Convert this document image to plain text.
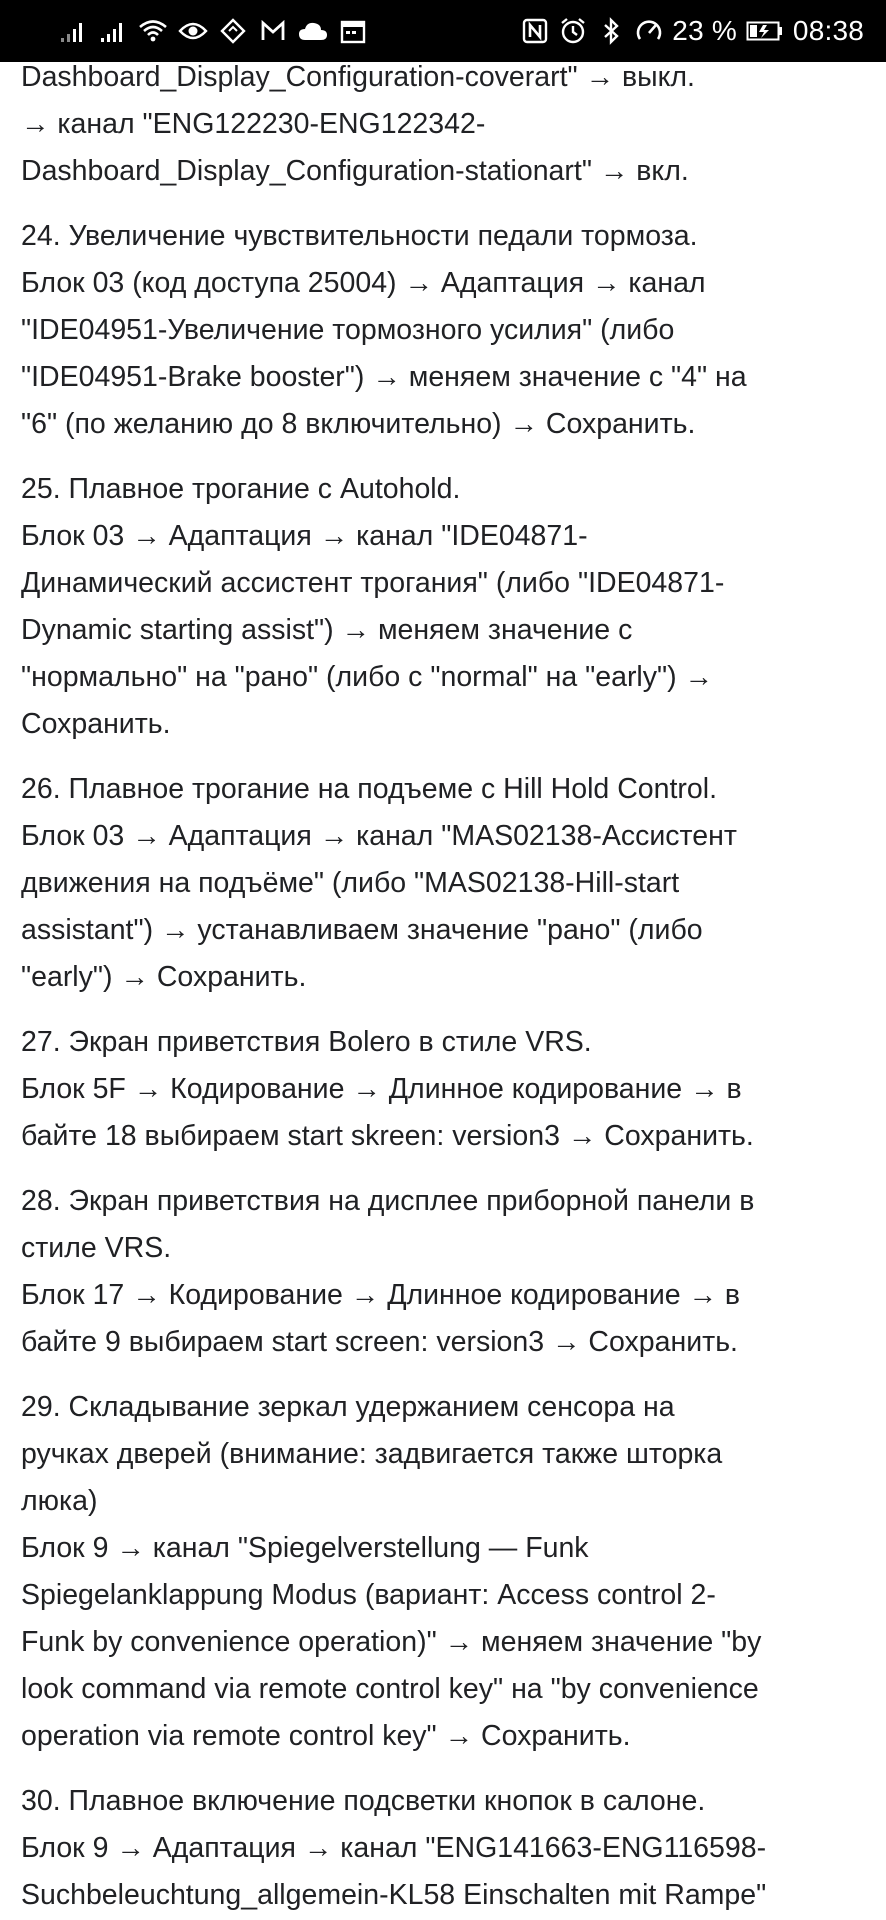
23 % 08:38
Dashboard_Display_Configuration-coverart" → выкл.
→ канал "ENG122230-ENG122342-
Dashboard_Display_Configuration-stationart" → вкл.
24. Увеличение чувствительности педали тормоза.
Блок 03 (код доступа 25004) → Адаптация → канал
"IDE04951-Увеличение тормозного усилия" (либо
"IDE04951-Brake booster") → меняем значение с "4" на
"6" (по желанию до 8 включительно) → Сохранить.
25. Плавное трогание с Autohold.
Блок 03 → Адаптация → канал "IDE04871-
Динамический ассистент трогания" (либо "IDE04871-
Dynamic starting assist") → меняем значение с
"нормально" на "рано" (либо с "normal" на "early") →
Сохранить.
26. Плавное трогание на подъеме с Hill Hold Control.
Блок 03 → Адаптация → канал "MAS02138-Ассистент
движения на подъёме" (либо "MAS02138-Hill-start
assistant") → устанавливаем значение "рано" (либо
"early") → Сохранить.
27. Экран приветствия Bolero в стиле VRS.
Блок 5F → Кодирование → Длинное кодирование → в
байте 18 выбираем start skreen: version3 → Сохранить.
28. Экран приветствия на дисплее приборной панели в
стиле VRS.
Блок 17 → Кодирование → Длинное кодирование → в
байте 9 выбираем start screen: version3 → Сохранить.
29. Складывание зеркал удержанием сенсора на
ручках дверей (внимание: задвигается также шторка
люка)
Блок 9 → канал "Spiegelverstellung — Funk
Spiegelanklappung Modus (вариант: Access control 2-
Funk by convenience operation)" → меняем значение "by
look command via remote control key" на "by convenience
operation via remote control key" → Сохранить.
30. Плавное включение подсветки кнопок в салоне.
Блок 9 → Адаптация → канал "ENG141663-ENG116598-
Suchbeleuchtung_allgemein-KL58 Einschalten mit Rampe"
